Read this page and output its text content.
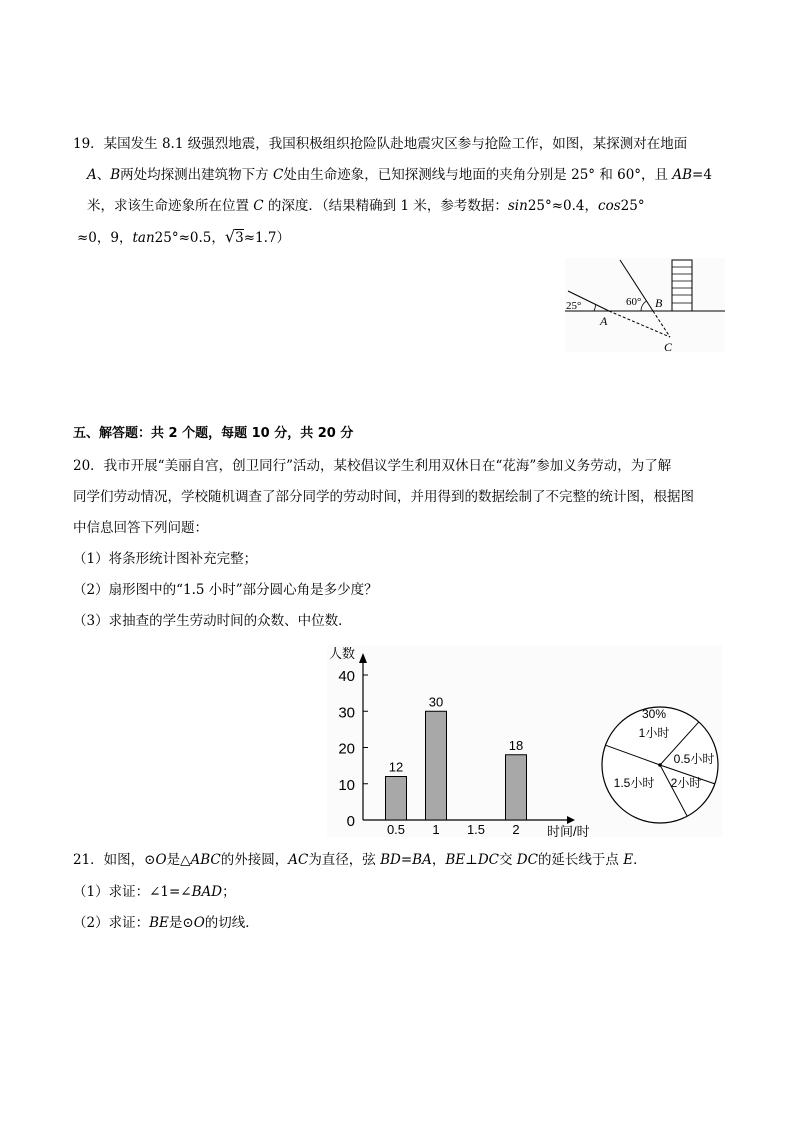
19．某国发生 8.1 级强烈地震，我国积极组织抢险队赴地震灾区参与抢险工作，如图，某探测对在地面
A、B两处均探测出建筑物下方 C处由生命迹象，已知探测线与地面的夹角分别是 25° 和 60°，且 AB=4
米，求该生命迹象所在位置 C 的深度．（结果精确到 1 米，参考数据：sin25°≈0.4，cos25°
≈0，9，tan25°≈0.5，√3≈1.7）
25°	60°
A
B
C
五、解答题：共 2 个题，每题 10 分，共 20 分
20．我市开展“美丽自宫，创卫同行”活动，某校倡议学生利用双休日在“花海”参加义务劳动，为了解
同学们劳动情况，学校随机调查了部分同学的劳动时间，并用得到的数据绘制了不完整的统计图，根据图
中信息回答下列问题：
（1）将条形统计图补充完整；
（2）扇形图中的“1.5 小时”部分圆心角是多少度？
（3）求抽查的学生劳动时间的众数、中位数．
0
10
20
30
40
人数
时间/时
0.5
12
1
30
1.5 2
18
30%
1小时
0.5小时
2小时
1.5小时
21．如图，⊙O是△ABC的外接圆，AC为直径，弦 BD=BA，BE⊥DC交 DC的延长线于点 E．
（1）求证：∠1=∠BAD；
（2）求证：BE是⊙O的切线．
